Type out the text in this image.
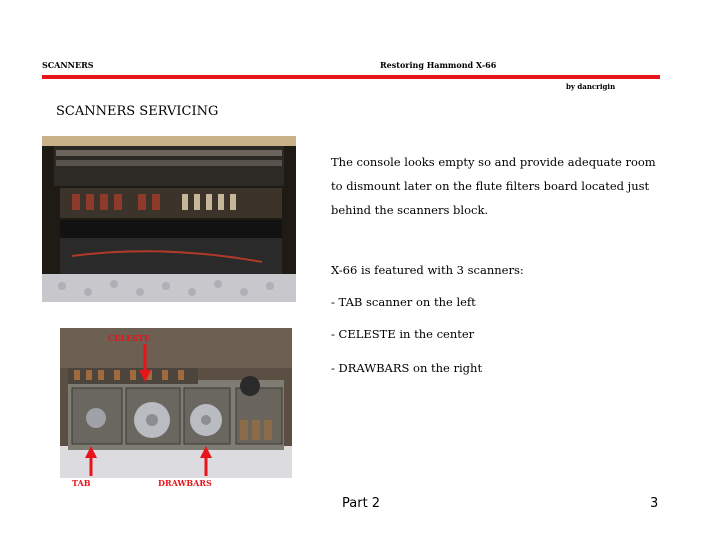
SCANNERS	Restoring Hammond X-66
by dancrigin
SCANNERS SERVICING
CELESTE
TAB	DRAWBARS
The console looks empty so and provide adequate room to dismount later on the flute filters board located just behind the scanners block.
X-66 is featured with 3 scanners:
- TAB scanner on the left
- CELESTE in the center
- DRAWBARS on the right
Part 2	3
